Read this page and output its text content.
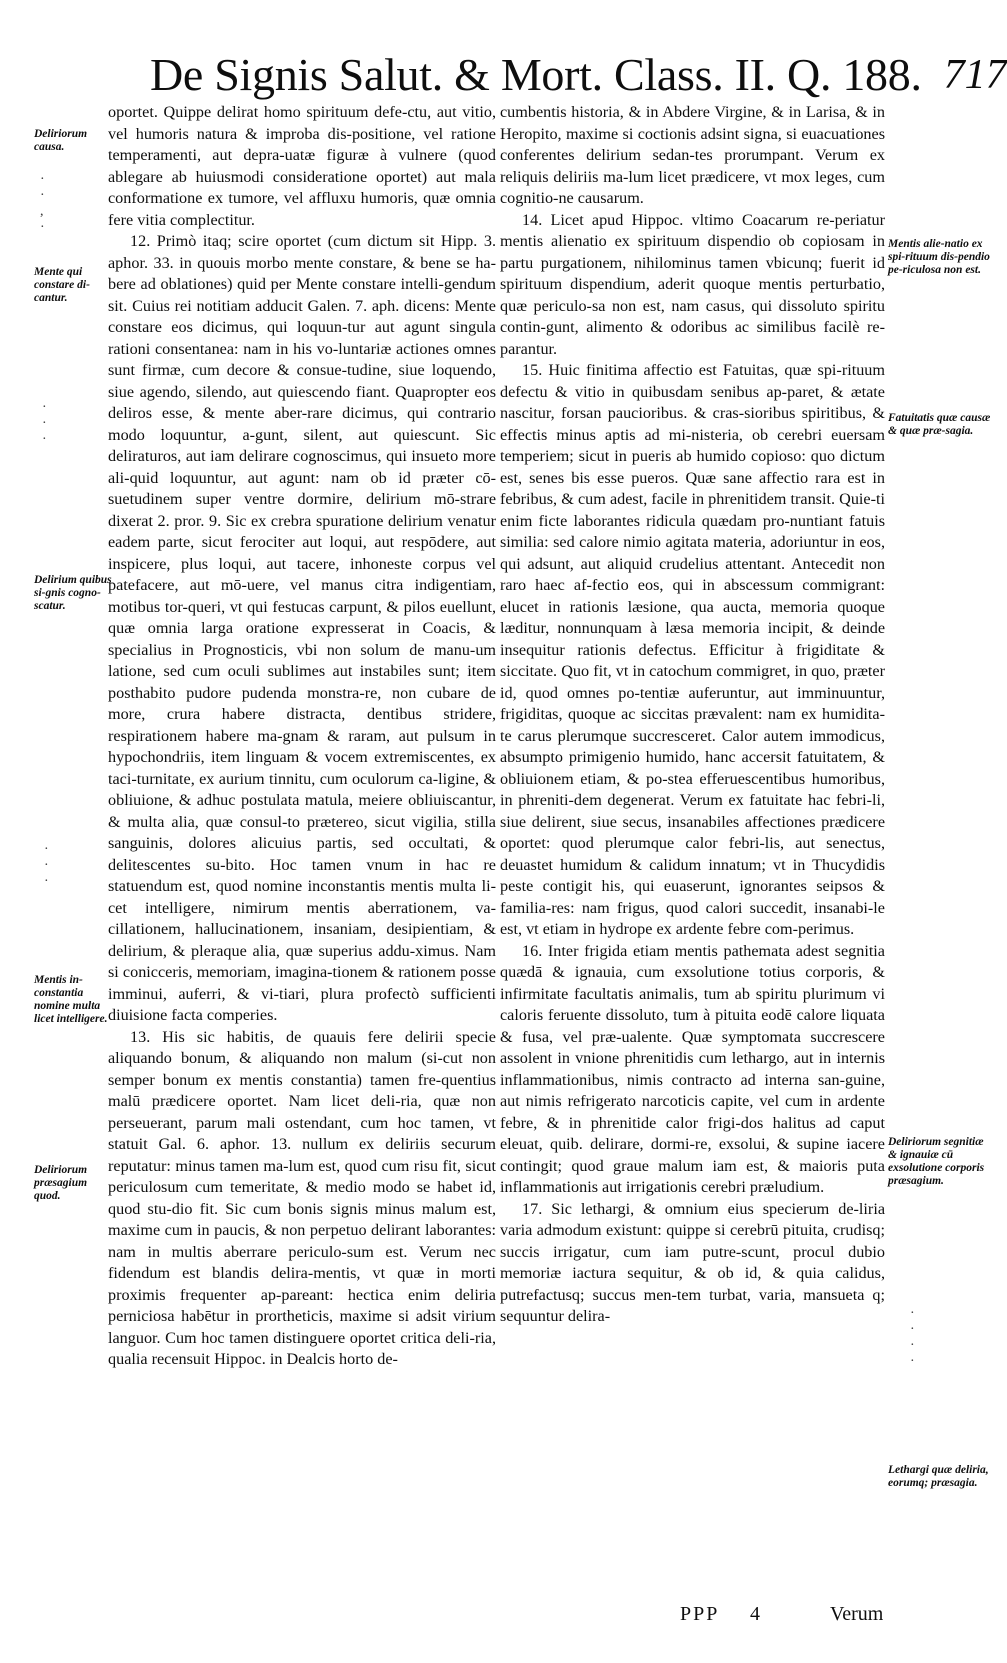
De Signis Salut. & Mort. Class. II. Q. 188. 717

oportet. Quippe delirat homo spirituum defe-ctu, aut vitio, vel humoris natura & improba dis-positione, vel ratione temperamenti, aut depra-uatæ figuræ à vulnere (quod ablegare ab huiusmodi consideratione oportet) aut mala conformatione ex tumore, vel affluxu humoris, quæ omnia fere vitia complectitur.

12. Primò itaq; scire oportet (cum dictum sit Hipp. 3. aphor. 33. in quouis morbo mente constare, & bene se ha-bere ad oblationes) quid per Mente constare intelli-gendum sit. Cuius rei notitiam adducit Galen. 7. aph. dicens: Mente constare eos dicimus, qui loquun-tur aut agunt singula rationi consentanea: nam in his vo-luntariæ actiones omnes sunt firmæ, cum decore & consue-tudine, siue loquendo, siue agendo, silendo, aut quiescendo fiant. Quapropter eos deliros esse, & mente aber-rare dicimus, qui contrario modo loquuntur, a-gunt, silent, aut quiescunt. Sic deliraturos, aut iam delirare cognoscimus, qui insueto more ali-quid loquuntur, aut agunt: nam ob id præter cō-suetudinem super ventre dormire, delirium mō-strare dixerat 2. pror. 9. Sic ex crebra spuratione delirium venatur eadem parte, sicut ferociter aut loqui, aut respōdere, aut inspicere, plus loqui, aut tacere, inhoneste corpus vel patefacere, aut mō-uere, vel manus citra indigentiam, motibus tor-queri, vt qui festucas carpunt, & pilos euellunt, quæ omnia larga oratione expresserat in Coacis, & specialius in Prognosticis, vbi non solum de manu-um latione, sed cum oculi sublimes aut instabiles sunt; item posthabito pudore pudenda monstra-re, non cubare de more, crura habere distracta, dentibus stridere, respirationem habere ma-gnam & raram, aut pulsum in hypochondriis, item linguam & vocem extremiscentes, ex taci-turnitate, ex aurium tinnitu, cum oculorum ca-ligine, & obliuione, & adhuc postulata matula, meiere obliuiscantur, & multa alia, quæ consul-to prætereo, sicut vigilia, stilla sanguinis, dolores alicuius partis, sed occultati, & delitescentes su-bito. Hoc tamen vnum in hac re statuendum est, quod nomine inconstantis mentis multa li-cet intelligere, nimirum mentis aberrationem, va-cillationem, hallucinationem, insaniam, desipientiam, & delirium, & pleraque alia, quæ superius addu-ximus. Nam si conicceris, memoriam, imagina-tionem & rationem posse imminui, auferri, & vi-tiari, plura profectò sufficienti diuisione facta comperies.

13. His sic habitis, de quauis fere delirii specie aliquando bonum, & aliquando non malum (si-cut non semper bonum ex mentis constantia) tamen fre-quentius malū prædicere oportet. Nam licet deli-ria, quæ non perseuerant, parum mali ostendant, cum hoc tamen, vt statuit Gal. 6. aphor. 13. nullum ex deliriis securum reputatur: minus tamen ma-lum est, quod cum risu fit, sicut periculosum cum temeritate, & medio modo se habet id, quod stu-dio fit. Sic cum bonis signis minus malum est, maxime cum in paucis, & non perpetuo delirant laborantes: nam in multis aberrare periculo-sum est. Verum nec fidendum est blandis delira-mentis, vt quæ in morti proximis frequenter ap-pareant: hectica enim deliria perniciosa habētur in prortheticis, maxime si adsit virium languor. Cum hoc tamen distinguere oportet critica deli-ria, qualia recensuit Hippoc. in Dealcis horto de-

cumbentis historia, & in Abdere Virgine, & in Larisa, & in Heropito, maxime si coctionis adsint signa, si euacuationes conferentes delirium sedan-tes prorumpant. Verum ex reliquis deliriis ma-lum licet prædicere, vt mox leges, cum cognitio-ne causarum.

14. Licet apud Hippoc. vltimo Coacarum re-periatur mentis alienatio ex spirituum dispendio ob copiosam in partu purgationem, nihilominus tamen vbicunq; fuerit id spirituum dispendium, aderit quoque mentis perturbatio, quæ periculo-sa non est, nam casus, qui dissoluto spiritu contin-gunt, alimento & odoribus ac similibus facilè re-parantur.

15. Huic finitima affectio est Fatuitas, quæ spi-rituum defectu & vitio in quibusdam senibus ap-paret, & ætate nascitur, forsan paucioribus. & cras-sioribus spiritibus, & effectis minus aptis ad mi-nisteria, ob cerebri euersam temperiem; sicut in pueris ab humido copioso: quo dictum est, senes bis esse pueros. Quæ sane affectio rara est in febribus, & cum adest, facile in phrenitidem transit. Quie-ti enim ficte laborantes ridicula quædam pro-nuntiant fatuis similia: sed calore nimio agitata materia, adoriuntur in eos, qui adsunt, aut aliquid crudelius attentant. Antecedit non raro haec af-fectio eos, qui in abscessum commigrant: elucet in rationis læsione, qua aucta, memoria quoque læditur, nonnunquam à læsa memoria incipit, & deinde insequitur rationis defectus. Efficitur à frigiditate & siccitate. Quo fit, vt in catochum commigret, in quo, præter id, quod omnes po-tentiæ auferuntur, aut imminuuntur, frigiditas, quoque ac siccitas prævalent: nam ex humidita-te carus plerumque succresceret. Calor autem immodicus, absumpto primigenio humido, hanc accersit fatuitatem, & obliuionem etiam, & po-stea efferuescentibus humoribus, in phreniti-dem degenerat. Verum ex fatuitate hac febri-li, siue delirent, siue secus, insanabiles affectiones prædicere oportet: quod plerumque calor febri-lis, aut senectus, deuastet humidum & calidum innatum; vt in Thucydidis peste contigit his, qui euaserunt, ignorantes seipsos & familia-res: nam frigus, quod calori succedit, insanabi-le est, vt etiam in hydrope ex ardente febre com-perimus.

16. Inter frigida etiam mentis pathemata adest segnitia quædā & ignauia, cum exsolutione totius corporis, & infirmitate facultatis animalis, tum ab spiritu plurimum vi caloris feruente dissoluto, tum à pituita eodē calore liquata & fusa, vel præ-ualente. Quæ symptomata succrescere assolent in vnione phrenitidis cum lethargo, aut in internis inflammationibus, nimis contracto ad interna san-guine, aut nimis refrigerato narcoticis capite, vel cum in ardente febre, & in phrenitide calor frigi-dos halitus ad caput eleuat, quib. delirare, dormi-re, exsolui, & supine iacere contingit; quod graue malum iam est, & maioris puta inflammationis aut irrigationis cerebri præludium.

17. Sic lethargi, & omnium eius specierum de-liria varia admodum existunt: quippe si cerebrū pituita, crudisq; succis irrigatur, cum iam putre-scunt, procul dubio memoriæ iactura sequitur, & ob id, & quia calidus, putrefactusq; succus men-tem turbat, varia, mansueta q; sequuntur delira-

Deliriorum causa.
· · , ·
Mente qui constare di-cantur.
· · ·
Delirium quibus si-gnis cogno-scatur.
· · ·
Mentis in-constantia nomine multa licet intelligere.
Deliriorum præsagium quod.
Mentis alie-natio ex spi-rituum dis-pendio pe-riculosa non est.
Fatuitatis quæ causæ & quæ præ-sagia.
Deliriorum segnitiæ & ignauiæ cū exsolutione corporis præsagium.
· · · ·
Lethargi quæ deliria, eorumq; præsagia.
PPP 4	Verum
